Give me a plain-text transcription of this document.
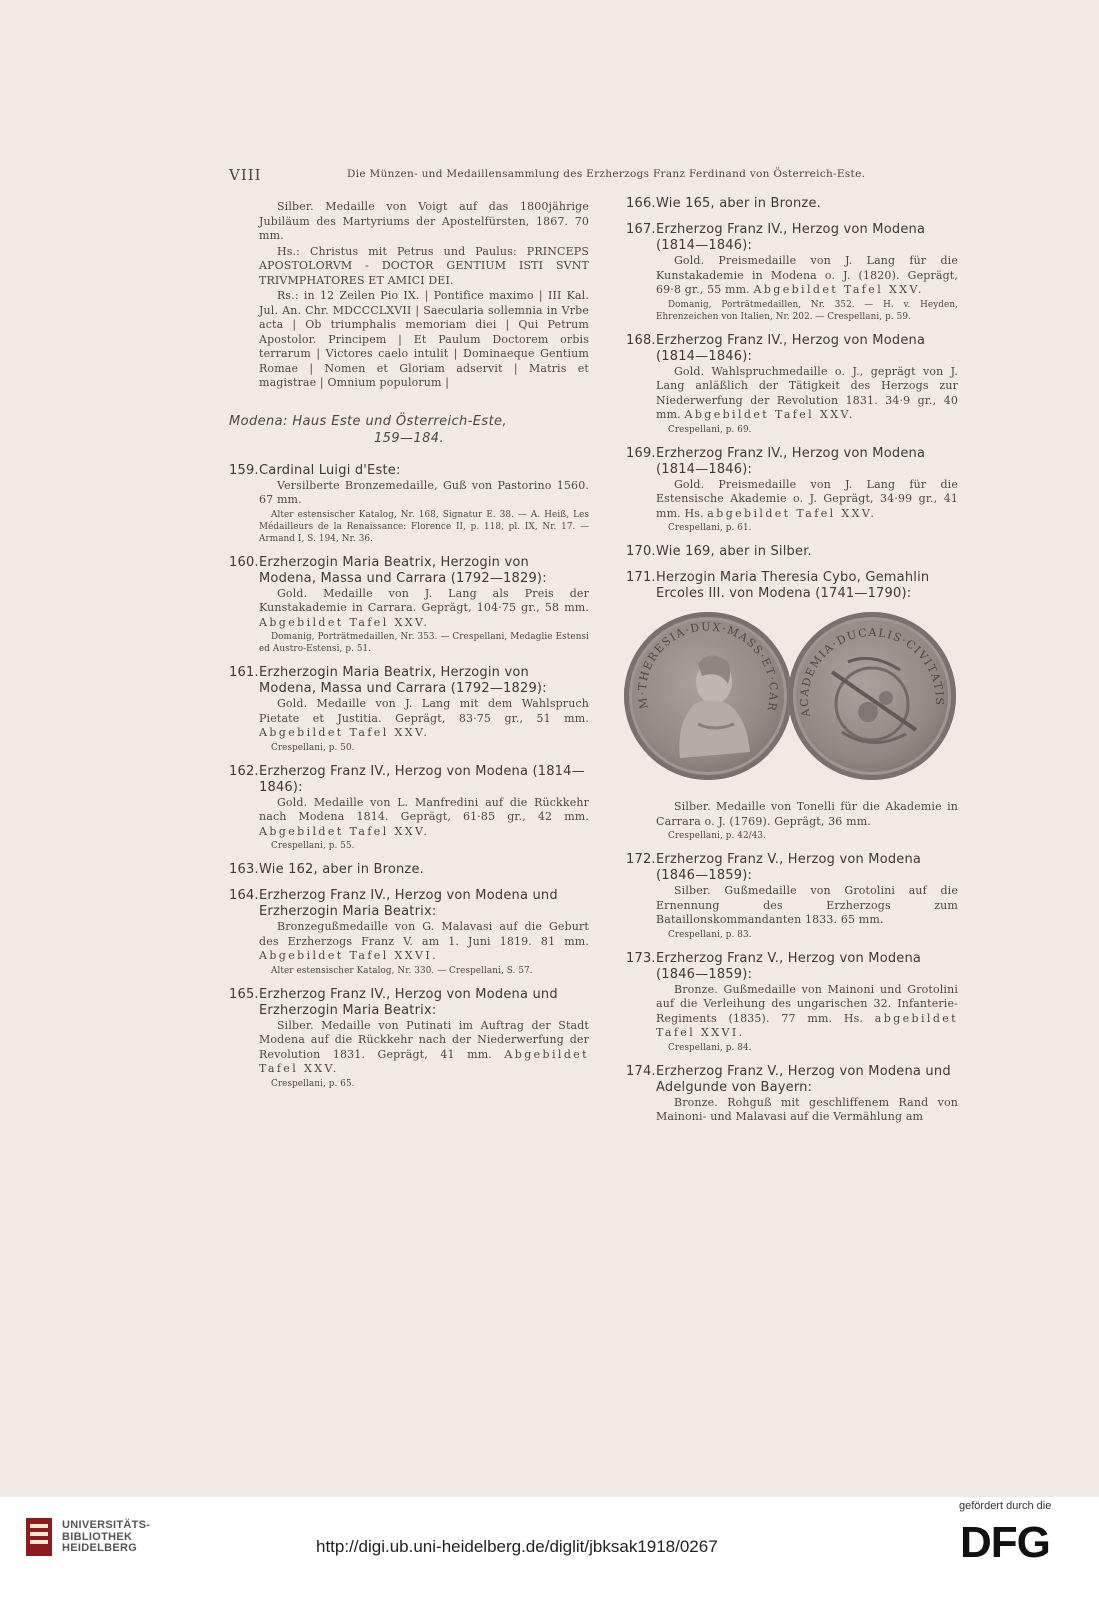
VIII	Die Münzen- und Medaillensammlung des Erzherzogs Franz Ferdinand von Österreich-Este.

Silber. Medaille von Voigt auf das 1800jährige Jubiläum des Martyriums der Apostelfürsten, 1867. 70 mm.

Hs.: Christus mit Petrus und Paulus: PRINCEPS APOSTOLORVM - DOCTOR GENTIUM ISTI SVNT TRIVMPHATORES ET AMICI DEI.

Rs.: in 12 Zeilen Pio IX. | Pontifice maximo | III Kal. Jul. An. Chr. MDCCCLXVII | Saecularia sollemnia in Vrbe acta | Ob triumphalis memoriam diei | Qui Petrum Apostolor. Principem | Et Paulum Doctorem orbis terrarum | Victores caelo intulit | Dominaeque Gentium Romae | Nomen et Gloriam adservit | Matris et magistrae | Omnium populorum |

Modena: Haus Este und Österreich-Este,
159—184.
159.Cardinal Luigi d'Este:

Versilberte Bronzemedaille, Guß von Pastorino 1560. 67 mm.

Alter estensischer Katalog, Nr. 168, Signatur E. 38. — A. Heiß, Les Médailleurs de la Renaissance: Florence II, p. 118, pl. IX, Nr. 17. — Armand I, S. 194, Nr. 36.
160.Erzherzogin Maria Beatrix, Herzogin von Modena, Massa und Carrara (1792—1829):

Gold. Medaille von J. Lang als Preis der Kunstakademie in Carrara. Geprägt, 104·75 gr., 58 mm. Abgebildet Tafel XXV.

Domanig, Porträtmedaillen, Nr. 353. — Crespellani, Medaglie Estensi ed Austro-Estensi, p. 51.
161.Erzherzogin Maria Beatrix, Herzogin von Modena, Massa und Carrara (1792—1829):

Gold. Medaille von J. Lang mit dem Wahlspruch Pietate et Justitia. Geprägt, 83·75 gr., 51 mm. Abgebildet Tafel XXV.

Crespellani, p. 50.
162.Erzherzog Franz IV., Herzog von Modena (1814—1846):

Gold. Medaille von L. Manfredini auf die Rückkehr nach Modena 1814. Geprägt, 61·85 gr., 42 mm. Abgebildet Tafel XXV.

Crespellani, p. 55.
163.Wie 162, aber in Bronze.
164.Erzherzog Franz IV., Herzog von Modena und Erzherzogin Maria Beatrix:

Bronzegußmedaille von G. Malavasi auf die Geburt des Erzherzogs Franz V. am 1. Juni 1819. 81 mm. Abgebildet Tafel XXVI.

Alter estensischer Katalog, Nr. 330. — Crespellani, S. 57.
165.Erzherzog Franz IV., Herzog von Modena und Erzherzogin Maria Beatrix:

Silber. Medaille von Putinati im Auftrag der Stadt Modena auf die Rückkehr nach der Niederwerfung der Revolution 1831. Geprägt, 41 mm. Abgebildet Tafel XXV.

Crespellani, p. 65.
166.Wie 165, aber in Bronze.
167.Erzherzog Franz IV., Herzog von Modena (1814—1846):

Gold. Preismedaille von J. Lang für die Kunstakademie in Modena o. J. (1820). Geprägt, 69·8 gr., 55 mm. Abgebildet Tafel XXV.

Domanig, Porträtmedaillen, Nr. 352. — H. v. Heyden, Ehrenzeichen von Italien, Nr. 202. — Crespellani, p. 59.
168.Erzherzog Franz IV., Herzog von Modena (1814—1846):

Gold. Wahlspruchmedaille o. J., geprägt von J. Lang anläßlich der Tätigkeit des Herzogs zur Niederwerfung der Revolution 1831. 34·9 gr., 40 mm. Abgebildet Tafel XXV.

Crespellani, p. 69.
169.Erzherzog Franz IV., Herzog von Modena (1814—1846):

Gold. Preismedaille von J. Lang für die Estensische Akademie o. J. Geprägt, 34·99 gr., 41 mm. Hs. abgebildet Tafel XXV.

Crespellani, p. 61.
170.Wie 169, aber in Silber.
171.Herzogin Maria Theresia Cybo, Gemahlin Ercoles III. von Modena (1741—1790):
M·THERESIA·DUX·MASS·ET·CAR ACADEMIA·DUCALIS·CIVITATIS

Silber. Medaille von Tonelli für die Akademie in Carrara o. J. (1769). Geprägt, 36 mm.

Crespellani, p. 42/43.
172.Erzherzog Franz V., Herzog von Modena (1846—1859):

Silber. Gußmedaille von Grotolini auf die Ernennung des Erzherzogs zum Bataillonskommandanten 1833. 65 mm.

Crespellani, p. 83.
173.Erzherzog Franz V., Herzog von Modena (1846—1859):

Bronze. Gußmedaille von Mainoni und Grotolini auf die Verleihung des ungarischen 32. Infanterie-Regiments (1835). 77 mm. Hs. abgebildet Tafel XXVI.

Crespellani, p. 84.
174.Erzherzog Franz V., Herzog von Modena und Adelgunde von Bayern:

Bronze. Rohguß mit geschliffenem Rand von Mainoni- und Malavasi auf die Vermählung am

UNIVERSITÄTS- BIBLIOTHEK HEIDELBERG	http://digi.ub.uni-heidelberg.de/diglit/jbksak1918/0267
gefördert durch die
DFG
